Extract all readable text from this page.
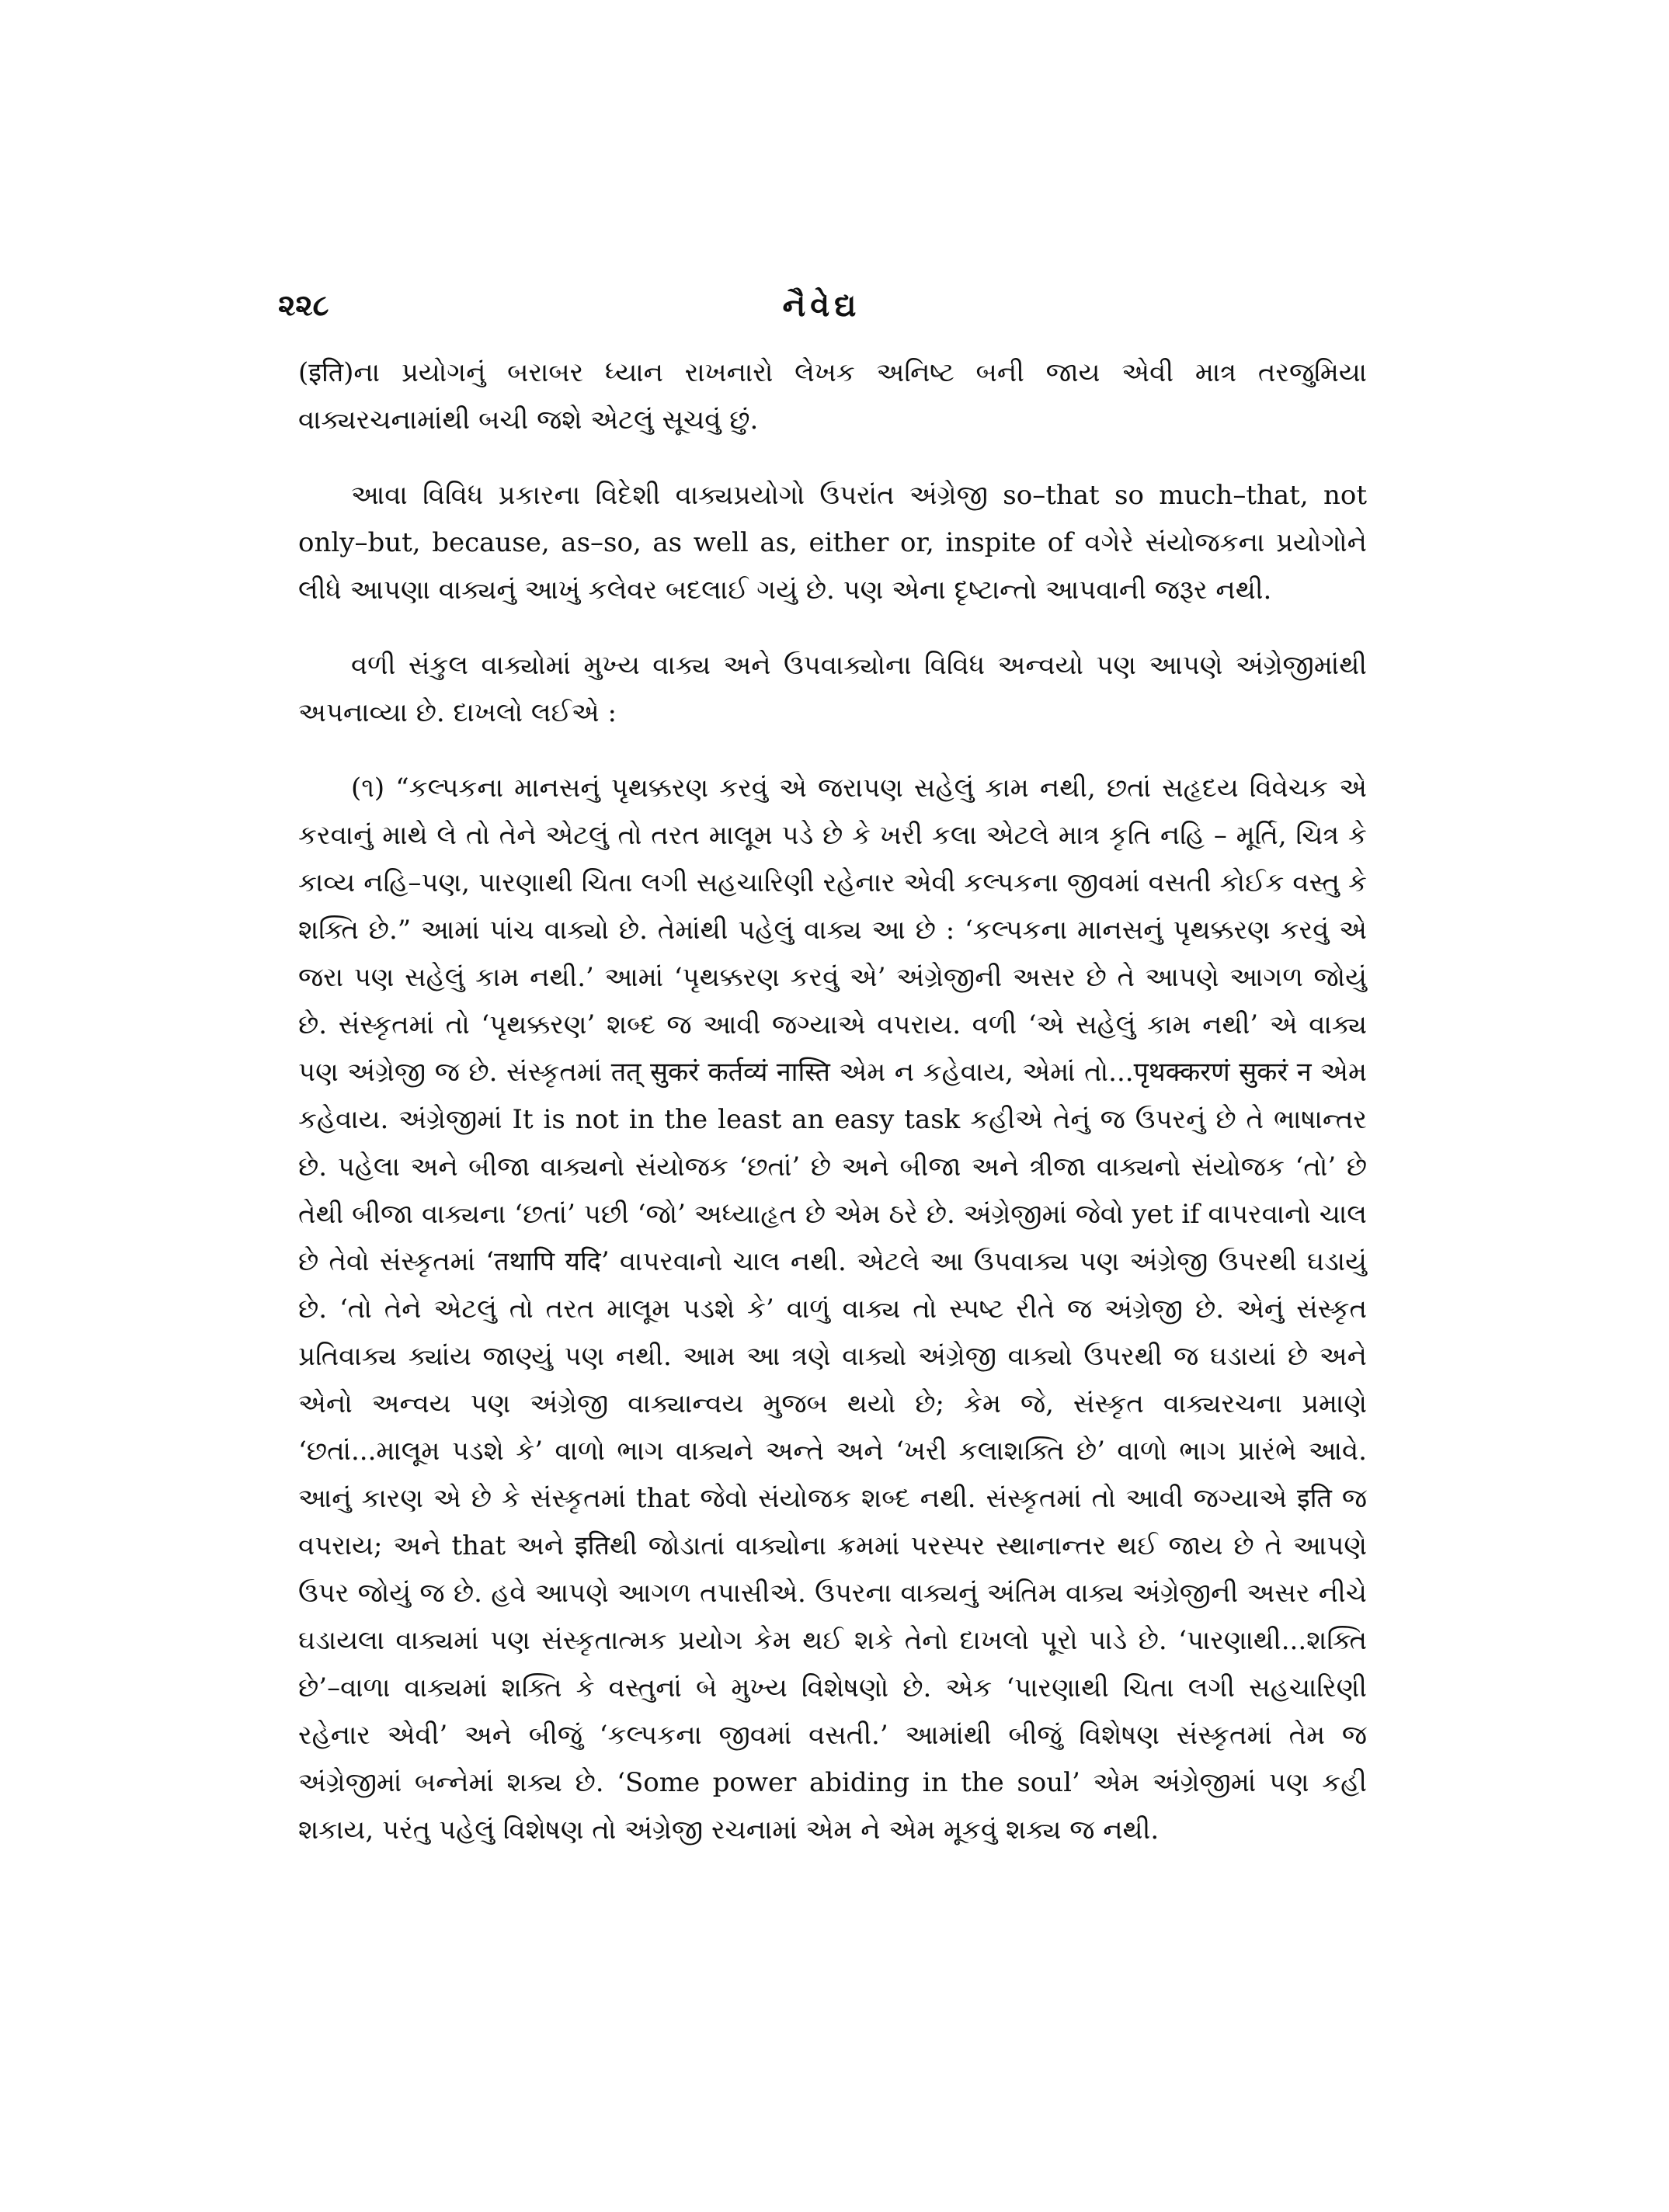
૨૨૮	નૈવેદ્ય

(इति)ના પ્રયોગનું બરાબર ધ્યાન રાખનારો લેખક અનિષ્ટ બની જાય એવી માત્ર તરજુમિયા વાક્યરચનામાંથી બચી જશે એટલું સૂચવું છું.

આવા વિવિધ પ્રકારના વિદેશી વાક્યપ્રયોગો ઉપરાંત અંગ્રેજી so–that so much–that, not only–but, because, as–so, as well as, either or, inspite of વગેરે સંયોજકના પ્રયોગોને લીધે આપણા વાક્યનું આખું કલેવર બદલાઈ ગયું છે. પણ એના દૃષ્ટાન્તો આપવાની જરૂર નથી.

વળી સંકુલ વાક્યોમાં મુખ્ય વાક્ય અને ઉપવાક્યોના વિવિધ અન્વયો પણ આપણે અંગ્રેજીમાંથી અપનાવ્યા છે. દાખલો લઈએ :

(૧) “કલ્પકના માનસનું પૃથક્કરણ કરવું એ જરાપણ સહેલું કામ નથી, છતાં સહૃદય વિવેચક એ કરવાનું માથે લે તો તેને એટલું તો તરત માલૂમ પડે છે કે ખરી કલા એટલે માત્ર કૃતિ નહિ – મૂર્તિ, ચિત્ર કે કાવ્ય નહિ–પણ, પારણાથી ચિતા લગી સહચારિણી રહેનાર એવી કલ્પકના જીવમાં વસતી કોઈક વસ્તુ કે શક્તિ છે.” આમાં પાંચ વાક્યો છે. તેમાંથી પહેલું વાક્ય આ છે : ‘કલ્પકના માનસનું પૃથક્કરણ કરવું એ જરા પણ સહેલું કામ નથી.’ આમાં ‘પૃથક્કરણ કરવું એ’ અંગ્રેજીની અસર છે તે આપણે આગળ જોયું છે. સંસ્કૃતમાં તો ‘પૃથક્કરણ’ શબ્દ જ આવી જગ્યાએ વપરાય. વળી ‘એ સહેલું કામ નથી’ એ વાક્ય પણ અંગ્રેજી જ છે. સંસ્કૃતમાં तत् सुकरं कर्तव्यं नास्ति એમ ન કહેવાય, એમાં તો...पृथक्करणं सुकरं न એમ કહેવાય. અંગ્રેજીમાં It is not in the least an easy task કહીએ તેનું જ ઉપરનું છે તે ભાષાન્તર છે. પહેલા અને બીજા વાક્યનો સંયોજક ‘છતાં’ છે અને બીજા અને ત્રીજા વાક્યનો સંયોજક ‘તો’ છે તેથી બીજા વાક્યના ‘છતાં’ પછી ‘જો’ અધ્યાહૃત છે એમ ઠરે છે. અંગ્રેજીમાં જેવો yet if વાપરવાનો ચાલ છે તેવો સંસ્કૃતમાં ‘तथापि यदि’ વાપરવાનો ચાલ નથી. એટલે આ ઉપવાક્ય પણ અંગ્રેજી ઉપરથી ઘડાયું છે. ‘તો તેને એટલું તો તરત માલૂમ પડશે કે’ વાળું વાક્ય તો સ્પષ્ટ રીતે જ અંગ્રેજી છે. એનું સંસ્કૃત પ્રતિવાક્ય ક્યાંય જાણ્યું પણ નથી. આમ આ ત્રણે વાક્યો અંગ્રેજી વાક્યો ઉપરથી જ ઘડાયાં છે અને એનો અન્વય પણ અંગ્રેજી વાક્યાન્વય મુજબ થયો છે; કેમ જે, સંસ્કૃત વાક્યરચના પ્રમાણે ‘છતાં...માલૂમ પડશે કે’ વાળો ભાગ વાક્યને અન્તે અને ‘ખરી કલાશક્તિ છે’ વાળો ભાગ પ્રારંભે આવે. આનું કારણ એ છે કે સંસ્કૃતમાં that જેવો સંયોજક શબ્દ નથી. સંસ્કૃતમાં તો આવી જગ્યાએ इति જ વપરાય; અને that અને इतिથી જોડાતાં વાક્યોના ક્રમમાં પરસ્પર સ્થાનાન્તર થઈ જાય છે તે આપણે ઉપર જોયું જ છે. હવે આપણે આગળ તપાસીએ. ઉપરના વાક્યનું અંતિમ વાક્ય અંગ્રેજીની અસર નીચે ઘડાયલા વાક્યમાં પણ સંસ્કૃતાત્મક પ્રયોગ કેમ થઈ શકે તેનો દાખલો પૂરો પાડે છે. ‘પારણાથી...શક્તિ છે’–વાળા વાક્યમાં શક્તિ કે વસ્તુનાં બે મુખ્ય વિશેષણો છે. એક ‘પારણાથી ચિતા લગી સહચારિણી રહેનાર એવી’ અને બીજું ‘કલ્પકના જીવમાં વસતી.’ આમાંથી બીજું વિશેષણ સંસ્કૃતમાં તેમ જ અંગ્રેજીમાં બન્નેમાં શક્ય છે. ‘Some power abiding in the soul’ એમ અંગ્રેજીમાં પણ કહી શકાય, પરંતુ પહેલું વિશેષણ તો અંગ્રેજી રચનામાં એમ ને એમ મૂકવું શક્ય જ નથી.
